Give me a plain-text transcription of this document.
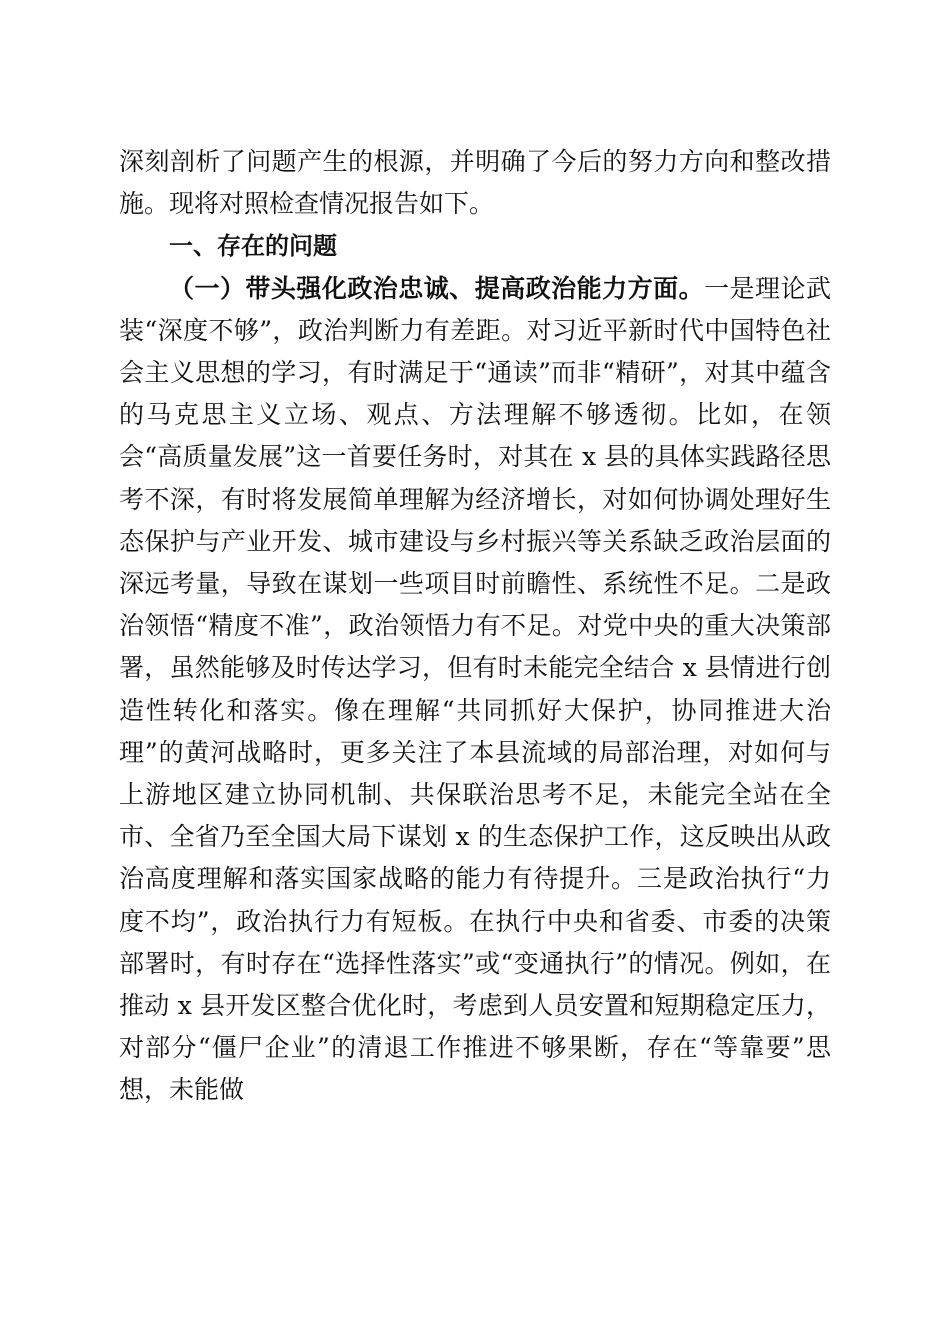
深刻剖析了问题产生的根源，并明确了今后的努力方向和整改措施。现将对照检查情况报告如下。

一、存在的问题

（一）带头强化政治忠诚、提高政治能力方面。一是理论武装“深度不够”，政治判断力有差距。对习近平新时代中国特色社会主义思想的学习，有时满足于“通读”而非“精研”，对其中蕴含的马克思主义立场、观点、方法理解不够透彻。比如，在领会“高质量发展”这一首要任务时，对其在 x 县的具体实践路径思考不深，有时将发展简单理解为经济增长，对如何协调处理好生态保护与产业开发、城市建设与乡村振兴等关系缺乏政治层面的深远考量，导致在谋划一些项目时前瞻性、系统性不足。二是政治领悟“精度不准”，政治领悟力有不足。对党中央的重大决策部署，虽然能够及时传达学习，但有时未能完全结合 x 县情进行创造性转化和落实。像在理解“共同抓好大保护，协同推进大治理”的黄河战略时，更多关注了本县流域的局部治理，对如何与上游地区建立协同机制、共保联治思考不足，未能完全站在全市、全省乃至全国大局下谋划 x 的生态保护工作，这反映出从政治高度理解和落实国家战略的能力有待提升。三是政治执行“力度不均”，政治执行力有短板。在执行中央和省委、市委的决策部署时，有时存在“选择性落实”或“变通执行”的情况。例如，在推动 x 县开发区整合优化时，考虑到人员安置和短期稳定压力，对部分“僵尸企业”的清退工作推进不够果断，存在“等靠要”思想，未能做
